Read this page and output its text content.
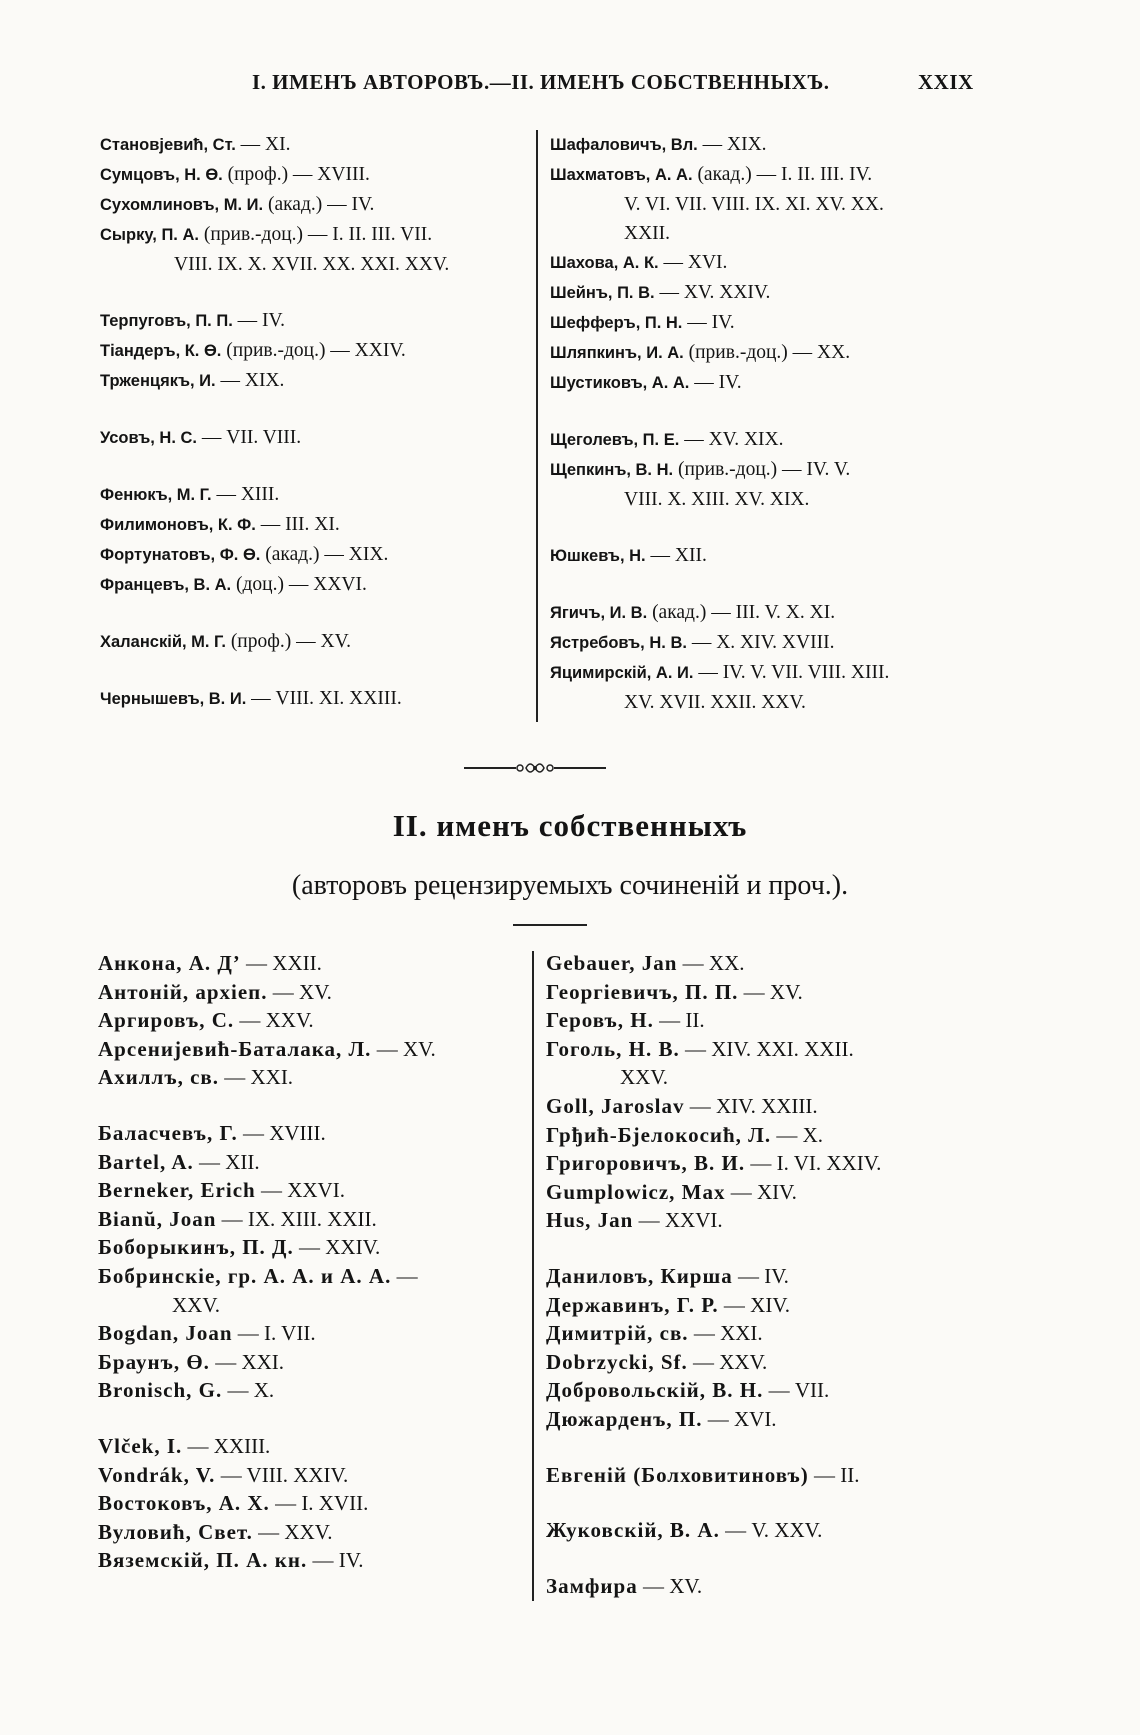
I. ИМЕНЪ АВТОРОВЪ.—II. ИМЕНЪ СОБСТВЕННЫХЪ.	XXIX
Становјевић, Ст. — XI.
Сумцовъ, Н. Ө. (проф.) — XVIII.
Сухомлиновъ, М. И. (акад.) — IV.
Сырку, П. А. (прив.-доц.) — I. II. III. VII.
VIII. IX. X. XVII. XX. XXI. XXV.
Терпуговъ, П. П. — IV.
Тіандеръ, К. Ө. (прив.-доц.) — XXIV.
Трженцякъ, И. — XIX.
Усовъ, Н. С. — VII. VIII.
Фенюкъ, М. Г. — XIII.
Филимоновъ, К. Ф. — III. XI.
Фортунатовъ, Ф. Ө. (акад.) — XIX.
Францевъ, В. А. (доц.) — XXVI.
Халанскій, М. Г. (проф.) — XV.
Чернышевъ, В. И. — VIII. XI. XXIII.
Шафаловичъ, Вл. — XIX.
Шахматовъ, А. А. (акад.) — I. II. III. IV.
V. VI. VII. VIII. IX. XI. XV. XX.
XXII.
Шахова, А. К. — XVI.
Шейнъ, П. В. — XV. XXIV.
Шефферъ, П. Н. — IV.
Шляпкинъ, И. А. (прив.-доц.) — XX.
Шустиковъ, А. А. — IV.
Щеголевъ, П. Е. — XV. XIX.
Щепкинъ, В. Н. (прив.-доц.) — IV. V.
VIII. X. XIII. XV. XIX.
Юшкевъ, Н. — XII.
Ягичъ, И. В. (акад.) — III. V. X. XI.
Ястребовъ, Н. В. — X. XIV. XVIII.
Яцимирскій, А. И. — IV. V. VII. VIII. XIII.
XV. XVII. XXII. XXV.
II. именъ собственныхъ
(авторовъ рецензируемыхъ сочиненій и проч.).
Анкона, А. Д’ — XXII.
Антоній, архіеп. — XV.
Аргировъ, С. — XXV.
Арсенијевић-Баталака, Л. — XV.
Ахиллъ, св. — XXI.
Баласчевъ, Г. — XVIII.
Bartel, A. — XII.
Berneker, Erich — XXVI.
Bianŭ, Joan — IX. XIII. XXII.
Боборыкинъ, П. Д. — XXIV.
Бобринскіе, гр. А. А. и А. А. —
XXV.
Bogdan, Joan — I. VII.
Браунъ, Ө. — XXI.
Bronisch, G. — X.
Vlček, I. — XXIII.
Vondrák, V. — VIII. XXIV.
Востоковъ, А. Х. — I. XVII.
Вуловић, Свет. — XXV.
Вяземскій, П. А. кн. — IV.
Gebauer, Jan — XX.
Георгіевичъ, П. П. — XV.
Геровъ, Н. — II.
Гоголь, Н. В. — XIV. XXI. XXII.
XXV.
Goll, Jaroslav — XIV. XXIII.
Грђић-Бјелокосић, Л. — X.
Григоровичъ, В. И. — I. VI. XXIV.
Gumplowicz, Max — XIV.
Hus, Jan — XXVI.
Даниловъ, Кирша — IV.
Державинъ, Г. Р. — XIV.
Димитрій, св. — XXI.
Dobrzycki, Sf. — XXV.
Добровольскій, В. Н. — VII.
Дюжарденъ, П. — XVI.
Евгеній (Болховитиновъ) — II.
Жуковскій, В. А. — V. XXV.
Замфира — XV.
